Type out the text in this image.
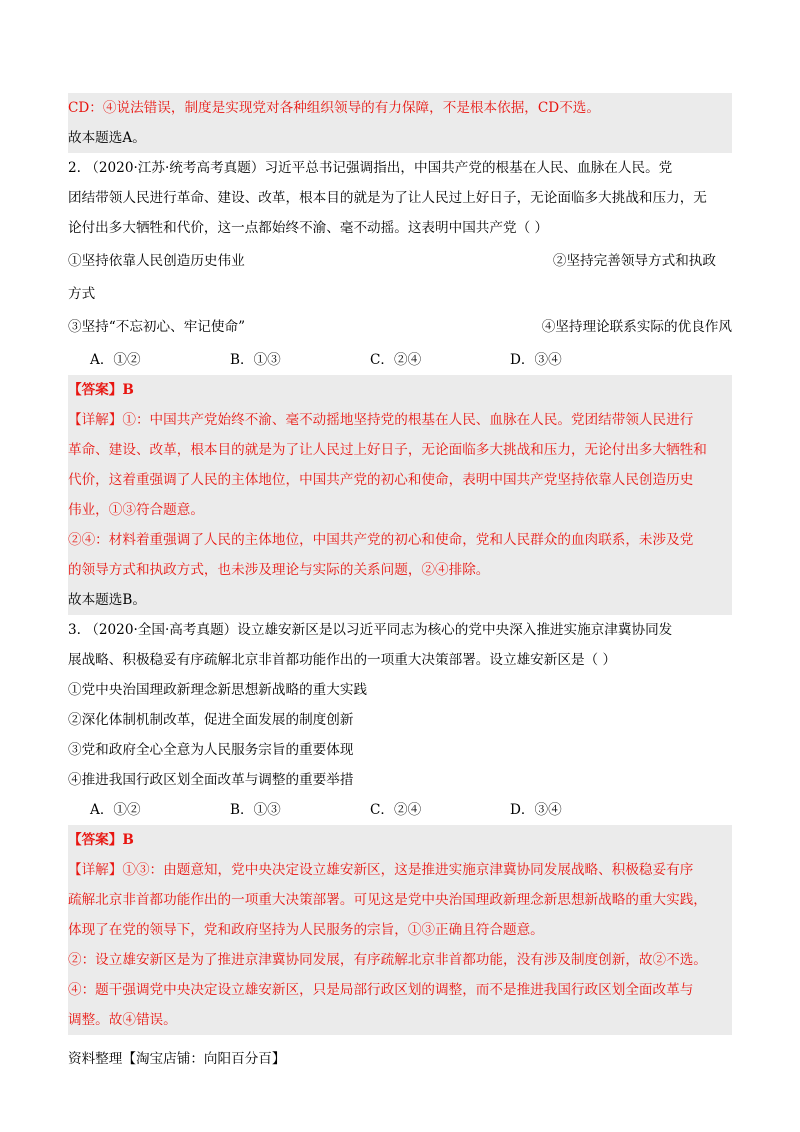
CD：④说法错误，制度是实现党对各种组织领导的有力保障，不是根本依据，CD不选。
故本题选A。
2. （2020·江苏·统考高考真题）习近平总书记强调指出，中国共产党的根基在人民、血脉在人民。党
团结带领人民进行革命、建设、改革，根本目的就是为了让人民过上好日子，无论面临多大挑战和压力，无
论付出多大牺牲和代价，这一点都始终不渝、毫不动摇。这表明中国共产党（ ）
①坚持依靠人民创造历史伟业	②坚持完善领导方式和执政
方式
③坚持“不忘初心、牢记使命”	④坚持理论联系实际的优良作风
A．①②	B．①③	C．②④	D．③④
【答案】B
【详解】①：中国共产党始终不渝、毫不动摇地坚持党的根基在人民、血脉在人民。党团结带领人民进行
革命、建设、改革，根本目的就是为了让人民过上好日子，无论面临多大挑战和压力，无论付出多大牺牲和
代价，这着重强调了人民的主体地位，中国共产党的初心和使命，表明中国共产党坚持依靠人民创造历史
伟业，①③符合题意。
②④：材料着重强调了人民的主体地位，中国共产党的初心和使命，党和人民群众的血肉联系，未涉及党
的领导方式和执政方式，也未涉及理论与实际的关系问题，②④排除。
故本题选B。
3. （2020·全国·高考真题）设立雄安新区是以习近平同志为核心的党中央深入推进实施京津冀协同发
展战略、积极稳妥有序疏解北京非首都功能作出的一项重大决策部署。设立雄安新区是（ ）
①党中央治国理政新理念新思想新战略的重大实践
②深化体制机制改革，促进全面发展的制度创新
③党和政府全心全意为人民服务宗旨的重要体现
④推进我国行政区划全面改革与调整的重要举措
A．①②	B．①③	C．②④	D．③④
【答案】B
【详解】①③：由题意知，党中央决定设立雄安新区，这是推进实施京津冀协同发展战略、积极稳妥有序
疏解北京非首都功能作出的一项重大决策部署。可见这是党中央治国理政新理念新思想新战略的重大实践，
体现了在党的领导下，党和政府坚持为人民服务的宗旨，①③正确且符合题意。
②：设立雄安新区是为了推进京津冀协同发展，有序疏解北京非首都功能，没有涉及制度创新，故②不选。
④：题干强调党中央决定设立雄安新区，只是局部行政区划的调整，而不是推进我国行政区划全面改革与
调整。故④错误。
资料整理【淘宝店铺：向阳百分百】
